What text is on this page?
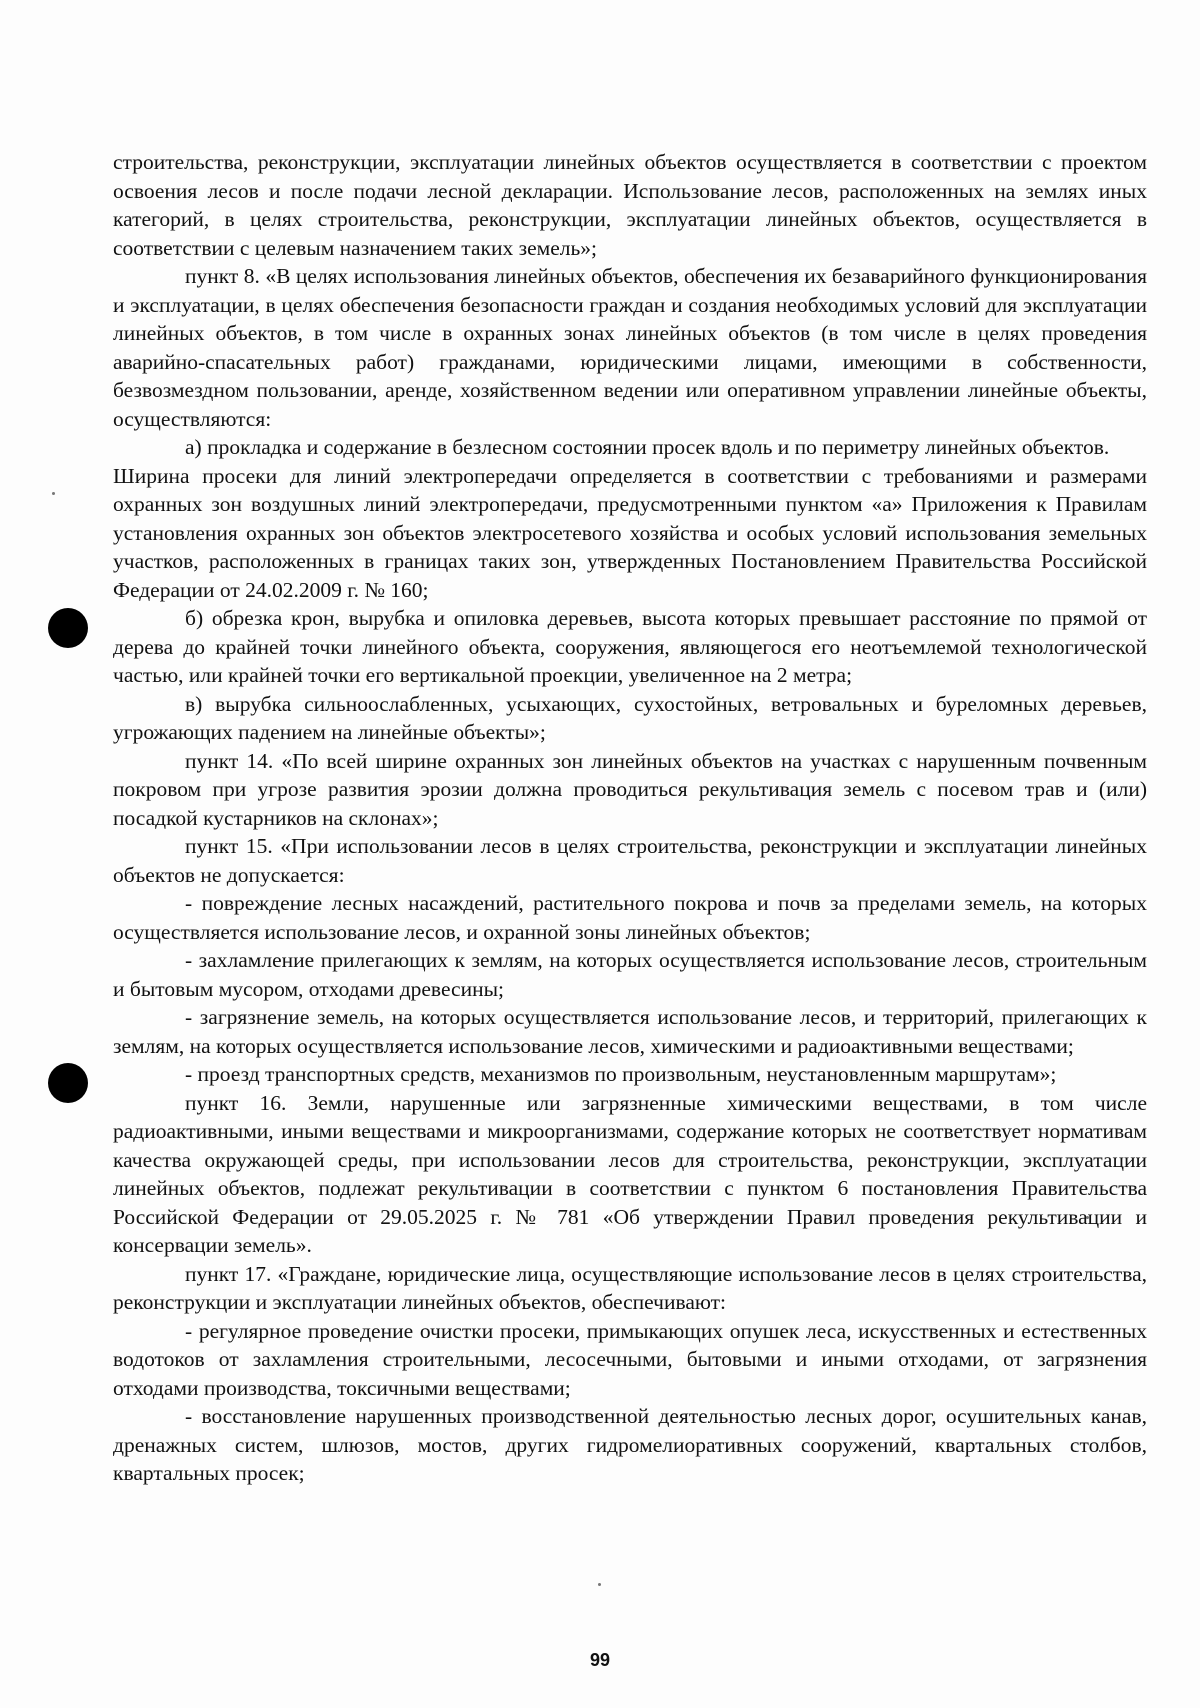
строительства, реконструкции, эксплуатации линейных объектов осуществляется в соответствии с проектом освоения лесов и после подачи лесной декларации. Использование лесов, расположенных на землях иных категорий, в целях строительства, реконструкции, эксплуатации линейных объектов, осуществляется в соответствии с целевым назначением таких земель»;

пункт 8. «В целях использования линейных объектов, обеспечения их безаварийного функционирования и эксплуатации, в целях обеспечения безопасности граждан и создания необходимых условий для эксплуатации линейных объектов, в том числе в охранных зонах линейных объектов (в том числе в целях проведения аварийно-спасательных работ) гражданами, юридическими лицами, имеющими в собственности, безвозмездном пользовании, аренде, хозяйственном ведении или оперативном управлении линейные объекты, осуществляются:

а) прокладка и содержание в безлесном состоянии просек вдоль и по периметру линейных объектов.

Ширина просеки для линий электропередачи определяется в соответствии с требованиями и размерами охранных зон воздушных линий электропередачи, предусмотренными пунктом «а» Приложения к Правилам установления охранных зон объектов электросетевого хозяйства и особых условий использования земельных участков, расположенных в границах таких зон, утвержденных Постановлением Правительства Российской Федерации от 24.02.2009 г. № 160;

б) обрезка крон, вырубка и опиловка деревьев, высота которых превышает расстояние по прямой от дерева до крайней точки линейного объекта, сооружения, являющегося его неотъемлемой технологической частью, или крайней точки его вертикальной проекции, увеличенное на 2 метра;

в) вырубка сильноослабленных, усыхающих, сухостойных, ветровальных и буреломных деревьев, угрожающих падением на линейные объекты»;

пункт 14. «По всей ширине охранных зон линейных объектов на участках с нарушенным почвенным покровом при угрозе развития эрозии должна проводиться рекультивация земель с посевом трав и (или) посадкой кустарников на склонах»;

пункт 15. «При использовании лесов в целях строительства, реконструкции и эксплуатации линейных объектов не допускается:

- повреждение лесных насаждений, растительного покрова и почв за пределами земель, на которых осуществляется использование лесов, и охранной зоны линейных объектов;

- захламление прилегающих к землям, на которых осуществляется использование лесов, строительным и бытовым мусором, отходами древесины;

- загрязнение земель, на которых осуществляется использование лесов, и территорий, прилегающих к землям, на которых осуществляется использование лесов, химическими и радиоактивными веществами;

- проезд транспортных средств, механизмов по произвольным, неустановленным маршрутам»;

пункт 16. Земли, нарушенные или загрязненные химическими веществами, в том числе радиоактивными, иными веществами и микроорганизмами, содержание которых не соответствует нормативам качества окружающей среды, при использовании лесов для строительства, реконструкции, эксплуатации линейных объектов, подлежат рекультивации в соответствии с пунктом 6 постановления Правительства Российской Федерации от 29.05.2025 г. № 781 «Об утверждении Правил проведения рекультивации и консервации земель».

пункт 17. «Граждане, юридические лица, осуществляющие использование лесов в целях строительства, реконструкции и эксплуатации линейных объектов, обеспечивают:

- регулярное проведение очистки просеки, примыкающих опушек леса, искусственных и естественных водотоков от захламления строительными, лесосечными, бытовыми и иными отходами, от загрязнения отходами производства, токсичными веществами;

- восстановление нарушенных производственной деятельностью лесных дорог, осушительных канав, дренажных систем, шлюзов, мостов, других гидромелиоративных сооружений, квартальных столбов, квартальных просек;

99
